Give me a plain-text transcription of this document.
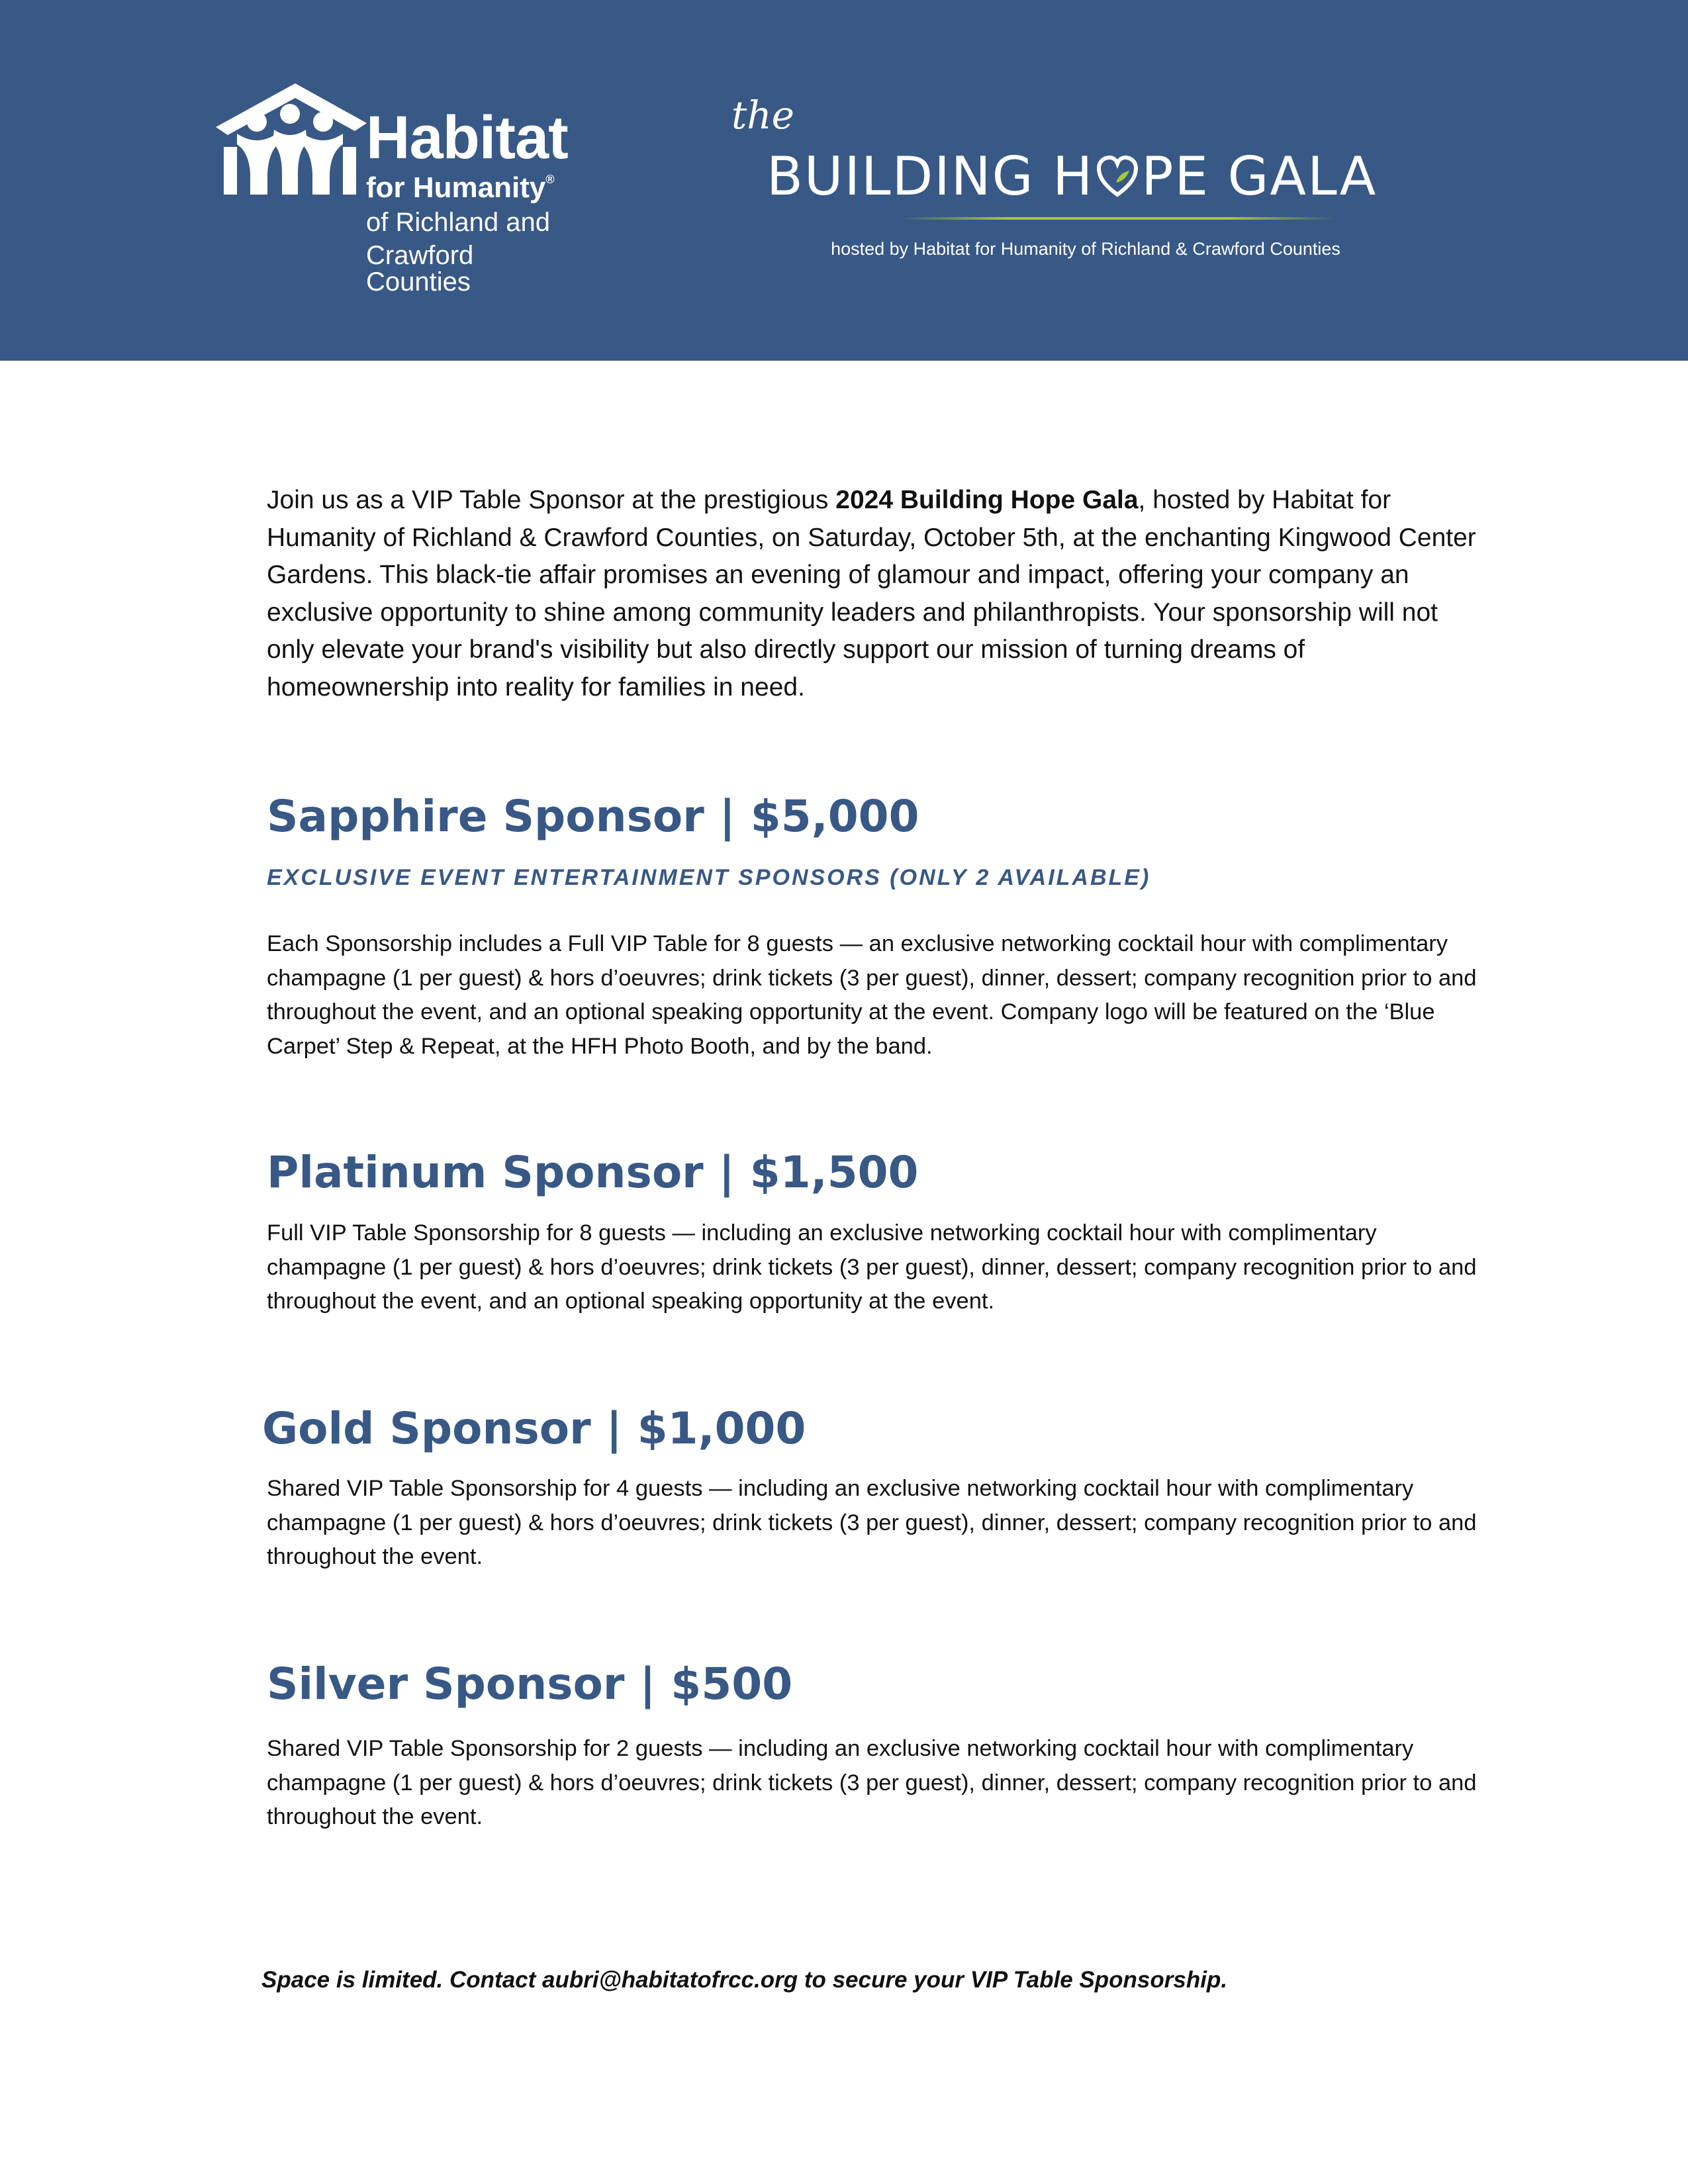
Habitat
for Humanity®
of Richland and
Crawford Counties
the
BUILDING H PE GALA
hosted by Habitat for Humanity of Richland & Crawford Counties

Join us as a VIP Table Sponsor at the prestigious 2024 Building Hope Gala, hosted by Habitat for Humanity of Richland & Crawford Counties, on Saturday, October 5th, at the enchanting Kingwood Center Gardens. This black-tie affair promises an evening of glamour and impact, offering your company an exclusive opportunity to shine among community leaders and philanthropists. Your sponsorship will not only elevate your brand's visibility but also directly support our mission of turning dreams of homeownership into reality for families in need.

Sapphire Sponsor | $5,000
EXCLUSIVE EVENT ENTERTAINMENT SPONSORS (ONLY 2 AVAILABLE)

Each Sponsorship includes a Full VIP Table for 8 guests — an exclusive networking cocktail hour with complimentary champagne (1 per guest) & hors d’oeuvres; drink tickets (3 per guest), dinner, dessert; company recognition prior to and throughout the event, and an optional speaking opportunity at the event. Company logo will be featured on the ‘Blue Carpet’ Step & Repeat, at the HFH Photo Booth, and by the band.

Platinum Sponsor | $1,500

Full VIP Table Sponsorship for 8 guests — including an exclusive networking cocktail hour with complimentary champagne (1 per guest) & hors d’oeuvres; drink tickets (3 per guest), dinner, dessert; company recognition prior to and throughout the event, and an optional speaking opportunity at the event.

Gold Sponsor | $1,000

Shared VIP Table Sponsorship for 4 guests — including an exclusive networking cocktail hour with complimentary champagne (1 per guest) & hors d’oeuvres; drink tickets (3 per guest), dinner, dessert; company recognition prior to and throughout the event.

Silver Sponsor | $500

Shared VIP Table Sponsorship for 2 guests — including an exclusive networking cocktail hour with complimentary champagne (1 per guest) & hors d’oeuvres; drink tickets (3 per guest), dinner, dessert; company recognition prior to and throughout the event.

Space is limited. Contact aubri@habitatofrcc.org to secure your VIP Table Sponsorship.
